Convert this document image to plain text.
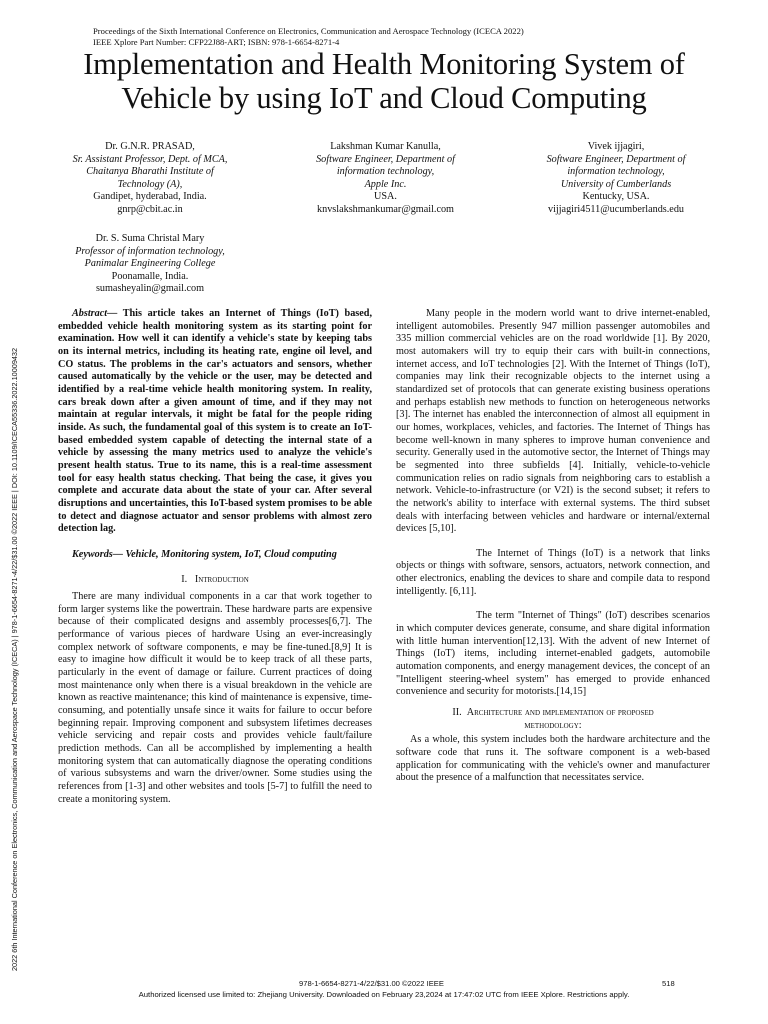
Proceedings of the Sixth International Conference on Electronics, Communication and Aerospace Technology (ICECA 2022)
IEEE Xplore Part Number: CFP22J88-ART; ISBN: 978-1-6654-8271-4
Implementation and Health Monitoring System of
Vehicle by using IoT and Cloud Computing
2022 6th International Conference on Electronics, Communication and Aerospace Technology (ICECA) | 978-1-6654-8271-4/22/$31.00 ©2022 IEEE | DOI: 10.1109/ICECA55336.2022.10009432
Dr. G.N.R. PRASAD,
Sr. Assistant Professor, Dept. of MCA,
Chaitanya Bharathi Institute of
Technology (A),
Gandipet, hyderabad, India.
gnrp@cbit.ac.in
Lakshman Kumar Kanulla,
Software Engineer, Department of
information technology,
Apple Inc.
USA.
knvslakshmankumar@gmail.com
Vivek ijjagiri,
Software Engineer, Department of
information technology,
University of Cumberlands
Kentucky, USA.
vijjagiri4511@ucumberlands.edu
Dr. S. Suma Christal Mary
Professor of information technology,
Panimalar Engineering College
Poonamalle, India.
sumasheyalin@gmail.com

Abstract— This article takes an Internet of Things (IoT) based, embedded vehicle health monitoring system as its starting point for examination. How well it can identify a vehicle's state by keeping tabs on its internal metrics, including its heating rate, engine oil level, and CO status. The problems in the car's actuators and sensors, whether caused automatically by the vehicle or the user, may be detected and identified by a real-time vehicle health monitoring system. In reality, cars break down after a given amount of time, and if they may not maintain at regular intervals, it might be fatal for the people riding inside. As such, the fundamental goal of this system is to create an IoT-based embedded system capable of detecting the internal state of a vehicle by assessing the many metrics used to analyze the vehicle's present health status. True to its name, this is a real-time assessment tool for easy health status checking. That being the case, it gives you complete and accurate data about the state of your car. After several disruptions and uncertainties, this IoT-based system promises to be able to detect and diagnose actuator and sensor problems with almost zero detection lag.

Keywords— Vehicle, Monitoring system, IoT, Cloud computing

I. Introduction

There are many individual components in a car that work together to form larger systems like the powertrain. These hardware parts are expensive because of their complicated designs and assembly processes[6,7]. The performance of various pieces of hardware Using an ever-increasingly complex network of software components, e may be fine-tuned.[8,9] It is easy to imagine how difficult it would be to keep track of all these parts, particularly in the event of damage or failure. Current practices of doing most maintenance only when there is a visual breakdown in the vehicle are known as reactive maintenance; this kind of maintenance is expensive, time-consuming, and potentially unsafe since it waits for failure to occur before beginning repair. Improving component and subsystem lifetimes decreases vehicle servicing and repair costs and provides vehicle fault/failure prediction methods. Can all be accomplished by implementing a health monitoring system that can automatically diagnose the operating conditions of various subsystems and warn the driver/owner. Some studies using the references from [1-3] and other websites and tools [5-7] to fulfill the need to create a monitoring system.

Many people in the modern world want to drive internet-enabled, intelligent automobiles. Presently 947 million passenger automobiles and 335 million commercial vehicles are on the road worldwide [1]. By 2020, most automakers will try to equip their cars with built-in connections, internet access, and IoT technologies [2]. With the Internet of Things (IoT), companies may link their recognizable objects to the internet using a standardized set of protocols that can generate existing business operations and perhaps establish new methods to function on heterogeneous networks [3]. The internet has enabled the interconnection of almost all equipment in our homes, workplaces, vehicles, and factories. The Internet of Things has become well-known in many spheres to improve human convenience and security. Generally used in the automotive sector, the Internet of Things may be segmented into three subfields [4]. Initially, vehicle-to-vehicle communication relies on radio signals from neighboring cars to establish a network. Vehicle-to-infrastructure (or V2I) is the second subset; it refers to the network's ability to interface with external systems. The third subset deals with interfacing between vehicles and hardware or internal/external devices [5,10].

The Internet of Things (IoT) is a network that links objects or things with software, sensors, actuators, network connection, and other electronics, enabling the devices to share and compile data to respond intelligently. [6,11].

The term "Internet of Things" (IoT) describes scenarios in which computer devices generate, consume, and share digital information with little human intervention[12,13]. With the advent of new Internet of Things (IoT) items, including internet-enabled gadgets, automobile automation components, and energy management devices, the concept of an "Intelligent steering-wheel system" has emerged to provide enhanced convenience and security for motorists.[14,15]

II. Architecture and implementation of proposed

methodology:

As a whole, this system includes both the hardware architecture and the software code that runs it. The software component is a web-based application for communicating with the vehicle's owner and manufacturer about the presence of a malfunction that necessitates service.

978-1-6654-8271-4/22/$31.00 ©2022 IEEE	518
Authorized licensed use limited to: Zhejiang University. Downloaded on February 23,2024 at 17:47:02 UTC from IEEE Xplore. Restrictions apply.
